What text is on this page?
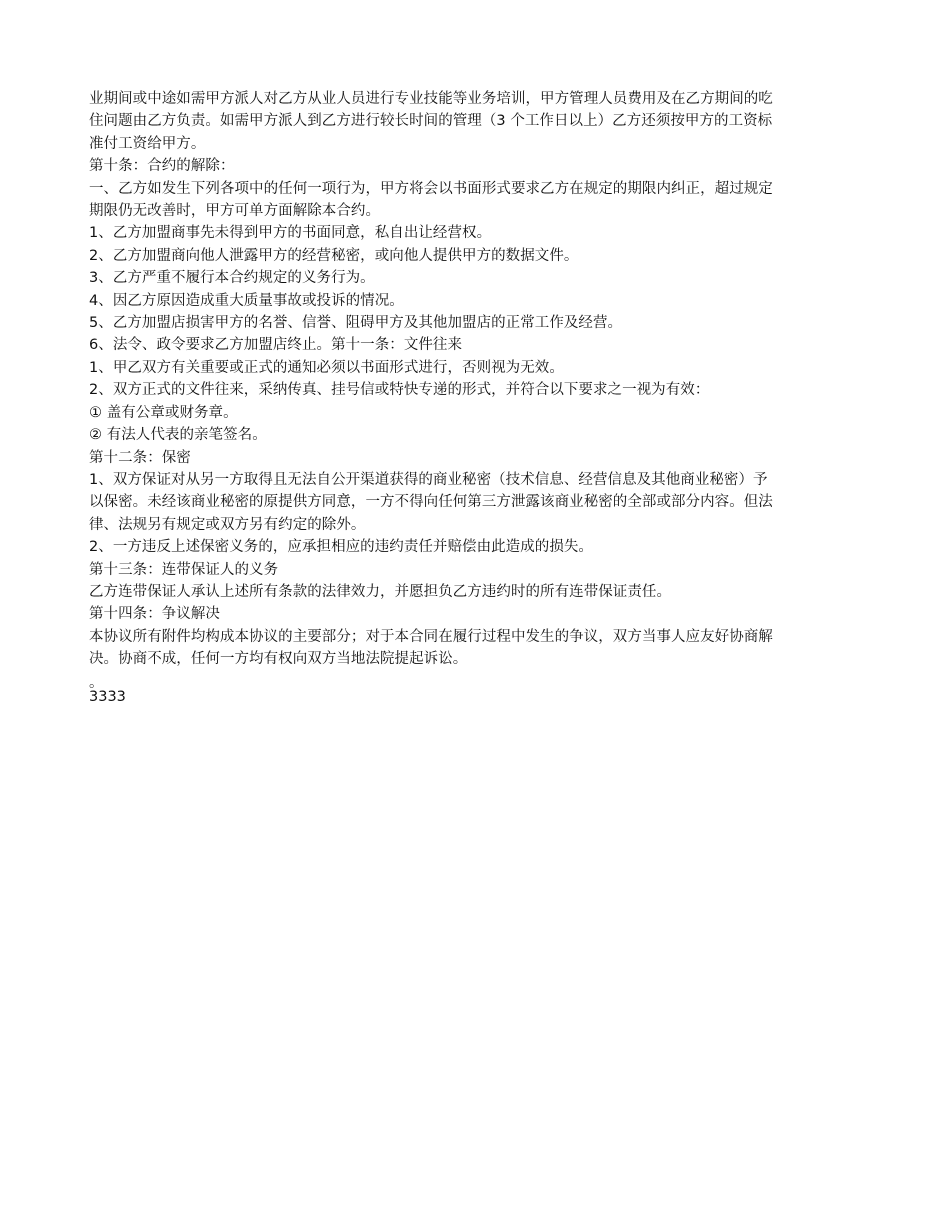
业期间或中途如需甲方派人对乙方从业人员进行专业技能等业务培训，甲方管理人员费用及在乙方期间的吃

住问题由乙方负责。如需甲方派人到乙方进行较长时间的管理（3 个工作日以上）乙方还须按甲方的工资标

准付工资给甲方。

第十条：合约的解除：

一、乙方如发生下列各项中的任何一项行为，甲方将会以书面形式要求乙方在规定的期限内纠正，超过规定

期限仍无改善时，甲方可单方面解除本合约。

1、乙方加盟商事先未得到甲方的书面同意，私自出让经营权。

2、乙方加盟商向他人泄露甲方的经营秘密，或向他人提供甲方的数据文件。

3、乙方严重不履行本合约规定的义务行为。

4、因乙方原因造成重大质量事故或投诉的情况。

5、乙方加盟店损害甲方的名誉、信誉、阻碍甲方及其他加盟店的正常工作及经营。

6、法令、政令要求乙方加盟店终止。第十一条：文件往来

1、甲乙双方有关重要或正式的通知必须以书面形式进行，否则视为无效。

2、双方正式的文件往来，采纳传真、挂号信或特快专递的形式，并符合以下要求之一视为有效：

① 盖有公章或财务章。

② 有法人代表的亲笔签名。

第十二条：保密

1、双方保证对从另一方取得且无法自公开渠道获得的商业秘密（技术信息、经营信息及其他商业秘密）予

以保密。未经该商业秘密的原提供方同意，一方不得向任何第三方泄露该商业秘密的全部或部分内容。但法

律、法规另有规定或双方另有约定的除外。

2、一方违反上述保密义务的，应承担相应的违约责任并赔偿由此造成的损失。

第十三条：连带保证人的义务

乙方连带保证人承认上述所有条款的法律效力，并愿担负乙方违约时的所有连带保证责任。

第十四条：争议解决

本协议所有附件均构成本协议的主要部分；对于本合同在履行过程中发生的争议，双方当事人应友好协商解

决。协商不成，任何一方均有权向双方当地法院提起诉讼。

。

3333
